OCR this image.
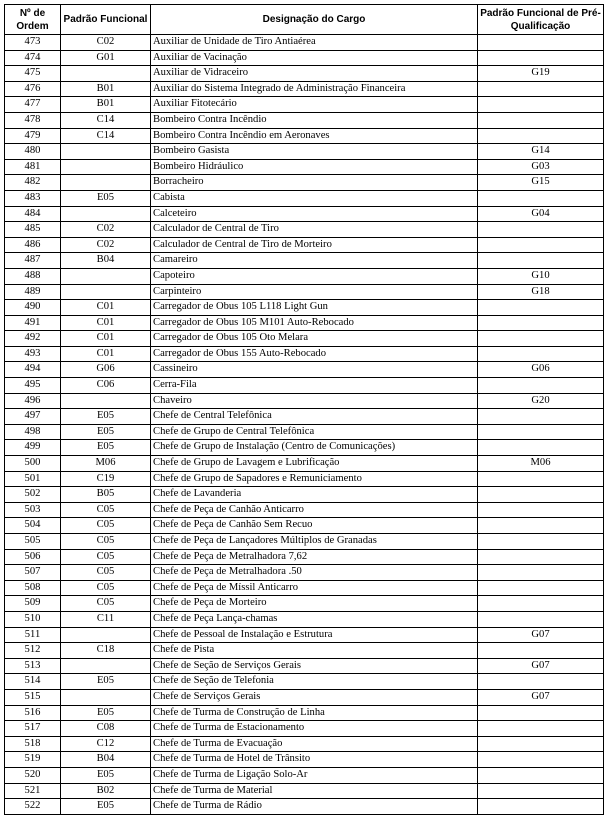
Nº de Ordem	Padrão Funcional	Designação do Cargo	Padrão Funcional de Pré-Qualificação
473	C02	Auxiliar de Unidade de Tiro Antiaérea	
474	G01	Auxiliar de Vacinação	
475		Auxiliar de Vidraceiro	G19
476	B01	Auxiliar do Sistema Integrado de Administração Financeira	
477	B01	Auxiliar Fitotecário	
478	C14	Bombeiro Contra Incêndio	
479	C14	Bombeiro Contra Incêndio em Aeronaves	
480		Bombeiro Gasista	G14
481		Bombeiro Hidráulico	G03
482		Borracheiro	G15
483	E05	Cabista	
484		Calceteiro	G04
485	C02	Calculador de Central de Tiro	
486	C02	Calculador de Central de Tiro de Morteiro	
487	B04	Camareiro	
488		Capoteiro	G10
489		Carpinteiro	G18
490	C01	Carregador de Obus 105 L118 Light Gun	
491	C01	Carregador de Obus 105 M101 Auto-Rebocado	
492	C01	Carregador de Obus 105 Oto Melara	
493	C01	Carregador de Obus 155 Auto-Rebocado	
494	G06	Cassineiro	G06
495	C06	Cerra-Fila	
496		Chaveiro	G20
497	E05	Chefe de Central Telefônica	
498	E05	Chefe de Grupo de Central Telefônica	
499	E05	Chefe de Grupo de Instalação (Centro de Comunicações)	
500	M06	Chefe de Grupo de Lavagem e Lubrificação	M06
501	C19	Chefe de Grupo de Sapadores e Remuniciamento	
502	B05	Chefe de Lavanderia	
503	C05	Chefe de Peça de Canhão Anticarro	
504	C05	Chefe de Peça de Canhão Sem Recuo	
505	C05	Chefe de Peça de Lançadores Múltiplos de Granadas	
506	C05	Chefe de Peça de Metralhadora 7,62	
507	C05	Chefe de Peça de Metralhadora .50	
508	C05	Chefe de Peça de Míssil Anticarro	
509	C05	Chefe de Peça de Morteiro	
510	C11	Chefe de Peça Lança-chamas	
511		Chefe de Pessoal de Instalação e Estrutura	G07
512	C18	Chefe de Pista	
513		Chefe de Seção de Serviços Gerais	G07
514	E05	Chefe de Seção de Telefonia	
515		Chefe de Serviços Gerais	G07
516	E05	Chefe de Turma de Construção de Linha	
517	C08	Chefe de Turma de Estacionamento	
518	C12	Chefe de Turma de Evacuação	
519	B04	Chefe de Turma de Hotel de Trânsito	
520	E05	Chefe de Turma de Ligação Solo-Ar	
521	B02	Chefe de Turma de Material	
522	E05	Chefe de Turma de Rádio	
